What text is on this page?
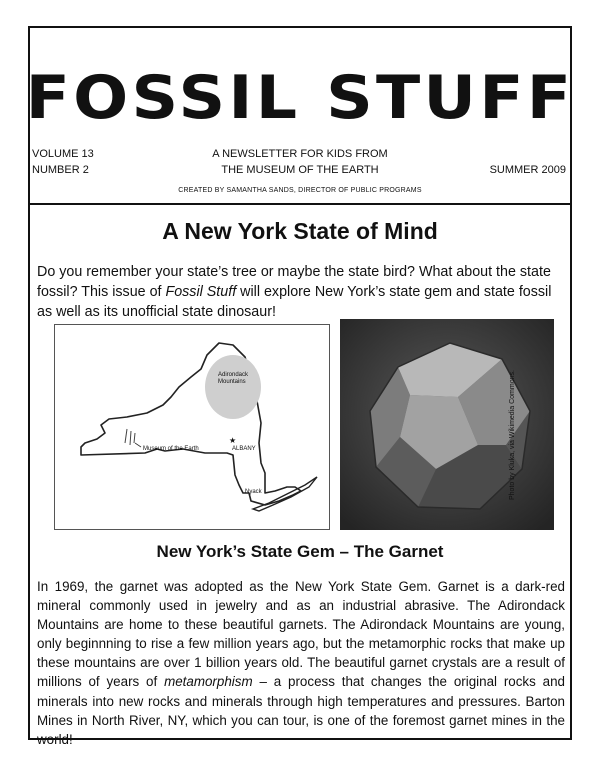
FOSSIL STUFF
VOLUME 13
NUMBER 2
A NEWSLETTER FOR KIDS FROM
THE MUSEUM OF THE EARTH	SUMMER 2009
CREATED BY SAMANTHA SANDS, DIRECTOR OF PUBLIC PROGRAMS
A New York State of Mind
Do you remember your state’s tree or maybe the state bird? What about the state fossil? This issue of Fossil Stuff will explore New York’s state gem and state fossil as well as its unofficial state dinosaur!
★
Adirondack Mountains
Museum of the Earth	ALBANY
Nyack
New York’s State Gem – The Garnet
In 1969, the garnet was adopted as the New York State Gem. Garnet is a dark-red mineral commonly used in jewelry and as an industrial abrasive. The Adirondack Mountains are home to these beautiful garnets. The Adirondack Mountains are young, only beginnning to rise a few million years ago, but the metamorphic rocks that make up these mountains are over 1 billion years old. The beautiful garnet crystals are a result of millions of years of metamorphism – a process that changes the original rocks and minerals into new rocks and minerals through high temperatures and pressures. Barton Mines in North River, NY, which you can tour, is one of the foremost garnet mines in the world!
Photo by Kluka, via Wikimedia Commons.
